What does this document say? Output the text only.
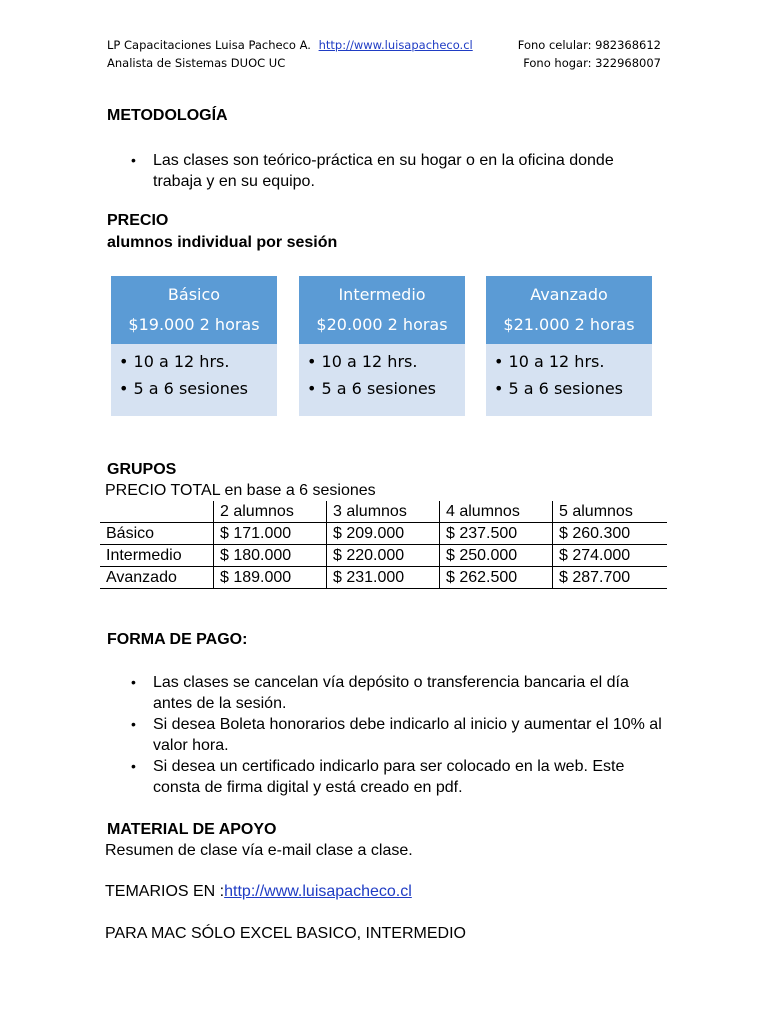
LP Capacitaciones Luisa Pacheco A. http://www.luisapacheco.cl
Analista de Sistemas DUOC UC
Fono celular: 982368612
Fono hogar: 322968007
METODOLOGÍA
• Las clases son teórico-práctica en su hogar o en la oficina donde trabaja y en su equipo.
PRECIO
alumnos individual por sesión
Básico
$19.000 2 horas
• 10 a 12 hrs.
• 5 a 6 sesiones
Intermedio
$20.000 2 horas
• 10 a 12 hrs.
• 5 a 6 sesiones
Avanzado
$21.000 2 horas
• 10 a 12 hrs.
• 5 a 6 sesiones
GRUPOS
PRECIO TOTAL en base a 6 sesiones
	2 alumnos	3 alumnos	4 alumnos	5 alumnos
Básico	$ 171.000	$ 209.000	$ 237.500	$ 260.300
Intermedio	$ 180.000	$ 220.000	$ 250.000	$ 274.000
Avanzado	$ 189.000	$ 231.000	$ 262.500	$ 287.700
FORMA DE PAGO:
• Las clases se cancelan vía depósito o transferencia bancaria el día antes de la sesión.
• Si desea Boleta honorarios debe indicarlo al inicio y aumentar el 10% al valor hora.
• Si desea un certificado indicarlo para ser colocado en la web. Este consta de firma digital y está creado en pdf.
MATERIAL DE APOYO
Resumen de clase vía e-mail clase a clase.
TEMARIOS EN :http://www.luisapacheco.cl
PARA MAC SÓLO EXCEL BASICO, INTERMEDIO
